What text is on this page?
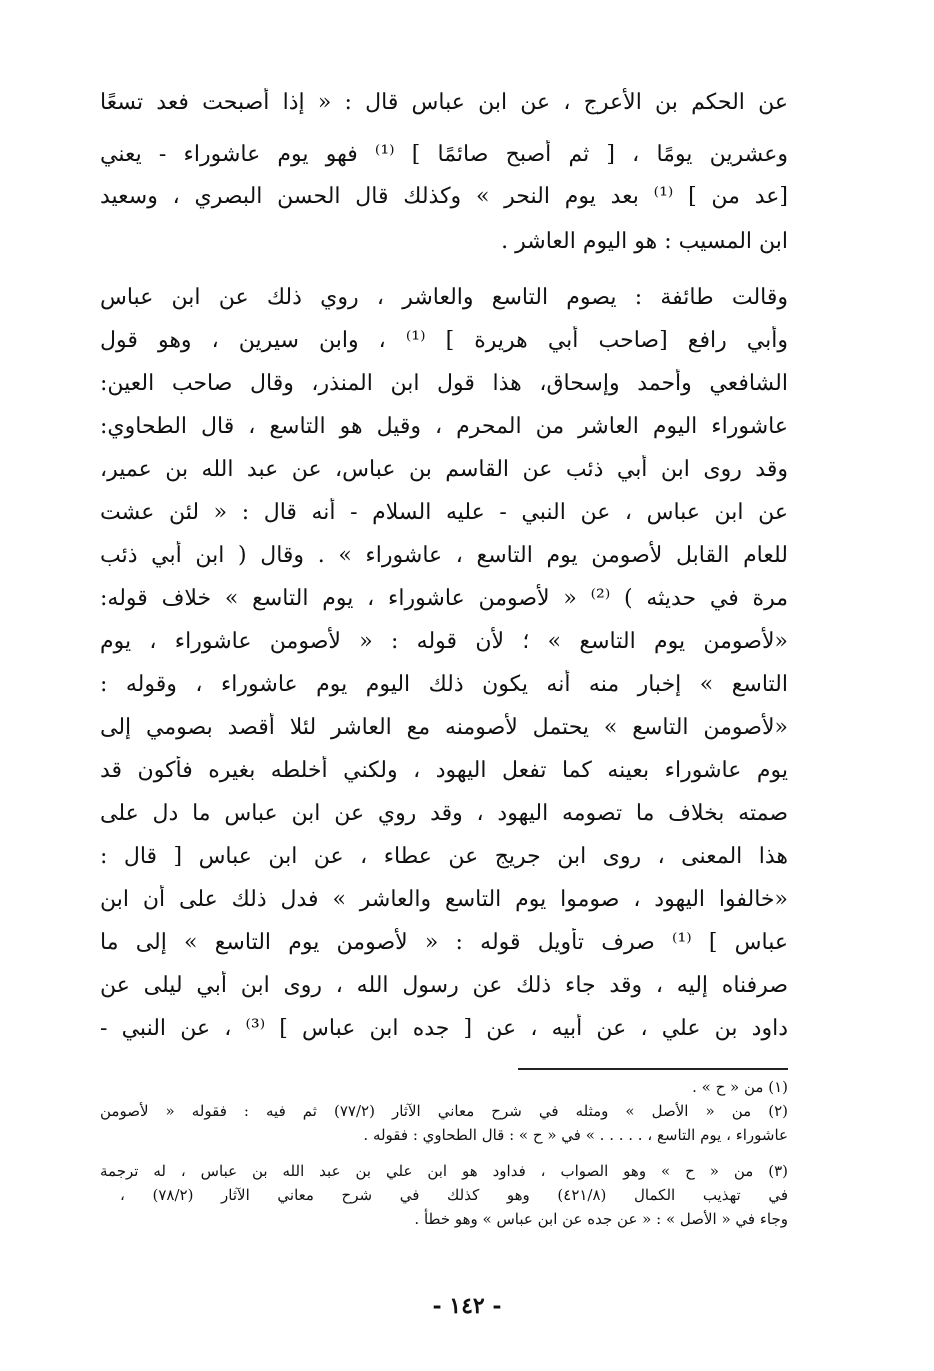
عن الحكم بن الأعرج ، عن ابن عباس قال : « إذا أصبحت فعد تسعًا
وعشرين يومًا ، [ ثم أصبح صائمًا ] ⁽¹⁾ فهو يوم عاشوراء - يعني
[عد من ] ⁽¹⁾ بعد يوم النحر » وكذلك قال الحسن البصري ، وسعيد
ابن المسيب : هو اليوم العاشر .
وقالت طائفة : يصوم التاسع والعاشر ، روي ذلك عن ابن عباس
وأبي رافع [صاحب أبي هريرة ] ⁽¹⁾ ، وابن سيرين ، وهو قول
الشافعي وأحمد وإسحاق، هذا قول ابن المنذر، وقال صاحب العين:
عاشوراء اليوم العاشر من المحرم ، وقيل هو التاسع ، قال الطحاوي:
وقد روى ابن أبي ذئب عن القاسم بن عباس، عن عبد الله بن عمير،
عن ابن عباس ، عن النبي - عليه السلام - أنه قال : « لئن عشت
للعام القابل لأصومن يوم التاسع ، عاشوراء » . وقال ( ابن أبي ذئب
مرة في حديثه ) ⁽²⁾ « لأصومن عاشوراء ، يوم التاسع » خلاف قوله:
«لأصومن يوم التاسع » ؛ لأن قوله : « لأصومن عاشوراء ، يوم
التاسع » إخبار منه أنه يكون ذلك اليوم يوم عاشوراء ، وقوله :
«لأصومن التاسع » يحتمل لأصومنه مع العاشر لئلا أقصد بصومي إلى
يوم عاشوراء بعينه كما تفعل اليهود ، ولكني أخلطه بغيره فأكون قد
صمته بخلاف ما تصومه اليهود ، وقد روي عن ابن عباس ما دل على
هذا المعنى ، روى ابن جريج عن عطاء ، عن ابن عباس [ قال :
«خالفوا اليهود ، صوموا يوم التاسع والعاشر » فدل ذلك على أن ابن
عباس ] ⁽¹⁾ صرف تأويل قوله : « لأصومن يوم التاسع » إلى ما
صرفناه إليه ، وقد جاء ذلك عن رسول الله ، روى ابن أبي ليلى عن
داود بن علي ، عن أبيه ، عن [ جده ابن عباس ] ⁽³⁾ ، عن النبي -
(١) من « ح » .
(٢) من « الأصل » ومثله في شرح معاني الآثار (٧٧/٢) ثم فيه : فقوله « لأصومن
عاشوراء ، يوم التاسع ، . . . . . » في « ح » : قال الطحاوي : فقوله .
(٣) من « ح » وهو الصواب ، فداود هو ابن علي بن عبد الله بن عباس ، له ترجمة
في تهذيب الكمال (٤٢١/٨) وهو كذلك في شرح معاني الآثار (٧٨/٢) ،
وجاء في « الأصل » : « عن جده عن ابن عباس » وهو خطأ .
- ١٤٢ -
